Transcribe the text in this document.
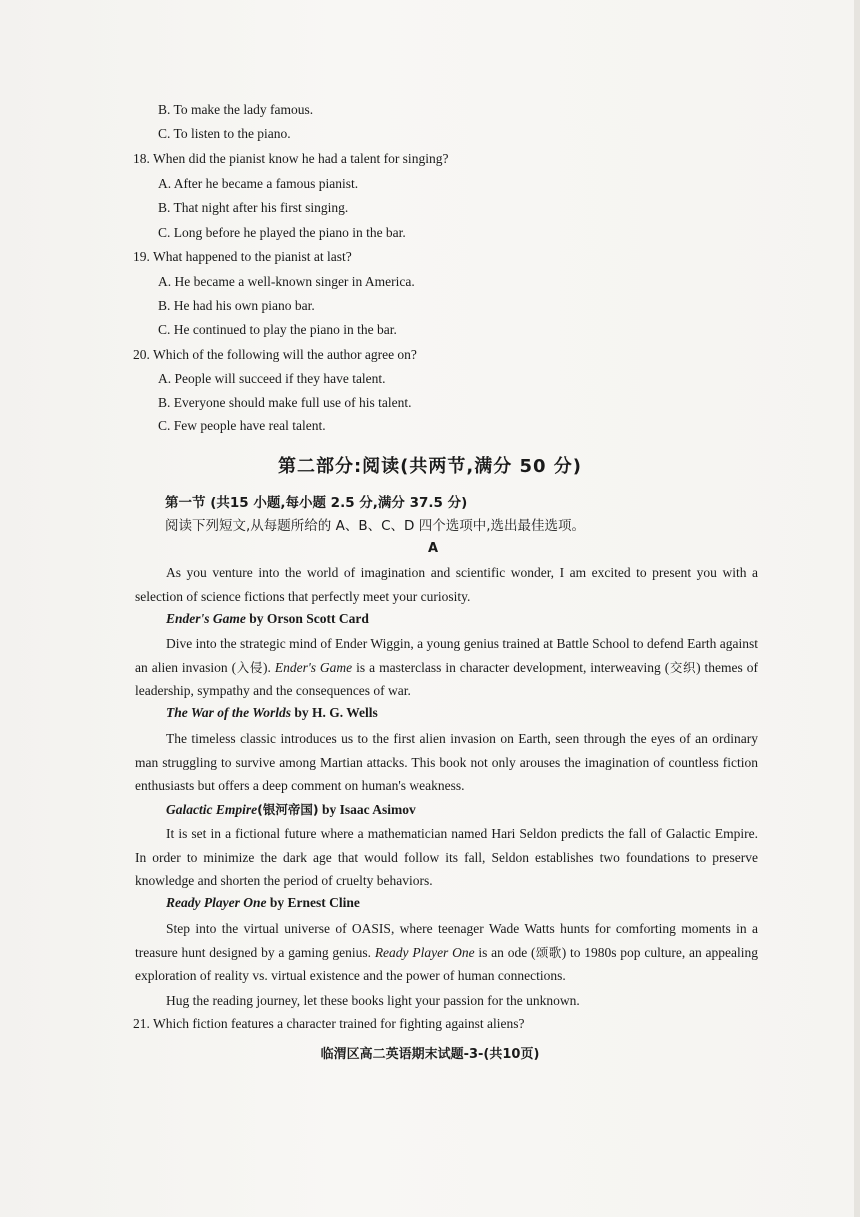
B. To make the lady famous.
C. To listen to the piano.
18. When did the pianist know he had a talent for singing?
A. After he became a famous pianist.
B. That night after his first singing.
C. Long before he played the piano in the bar.
19. What happened to the pianist at last?
A. He became a well-known singer in America.
B. He had his own piano bar.
C. He continued to play the piano in the bar.
20. Which of the following will the author agree on?
A. People will succeed if they have talent.
B. Everyone should make full use of his talent.
C. Few people have real talent.
第二部分:阅读(共两节,满分 50 分)
第一节 (共15 小题,每小题 2.5 分,满分 37.5 分)
阅读下列短文,从每题所给的 A、B、C、D 四个选项中,选出最佳选项。
A

As you venture into the world of imagination and scientific wonder, I am excited to present you with a selection of science fictions that perfectly meet your curiosity.

Ender's Game by Orson Scott Card

Dive into the strategic mind of Ender Wiggin, a young genius trained at Battle School to defend Earth against an alien invasion (入侵). Ender's Game is a masterclass in character development, interweaving (交织) themes of leadership, sympathy and the consequences of war.

The War of the Worlds by H. G. Wells

The timeless classic introduces us to the first alien invasion on Earth, seen through the eyes of an ordinary man struggling to survive among Martian attacks. This book not only arouses the imagination of countless fiction enthusiasts but offers a deep comment on human's weakness.

Galactic Empire(银河帝国) by Isaac Asimov

It is set in a fictional future where a mathematician named Hari Seldon predicts the fall of Galactic Empire. In order to minimize the dark age that would follow its fall, Seldon establishes two foundations to preserve knowledge and shorten the period of cruelty behaviors.

Ready Player One by Ernest Cline

Step into the virtual universe of OASIS, where teenager Wade Watts hunts for comforting moments in a treasure hunt designed by a gaming genius. Ready Player One is an ode (颂歌) to 1980s pop culture, an appealing exploration of reality vs. virtual existence and the power of human connections.

Hug the reading journey, let these books light your passion for the unknown.

21. Which fiction features a character trained for fighting against aliens?
临渭区高二英语期末试题-3-(共10页)
